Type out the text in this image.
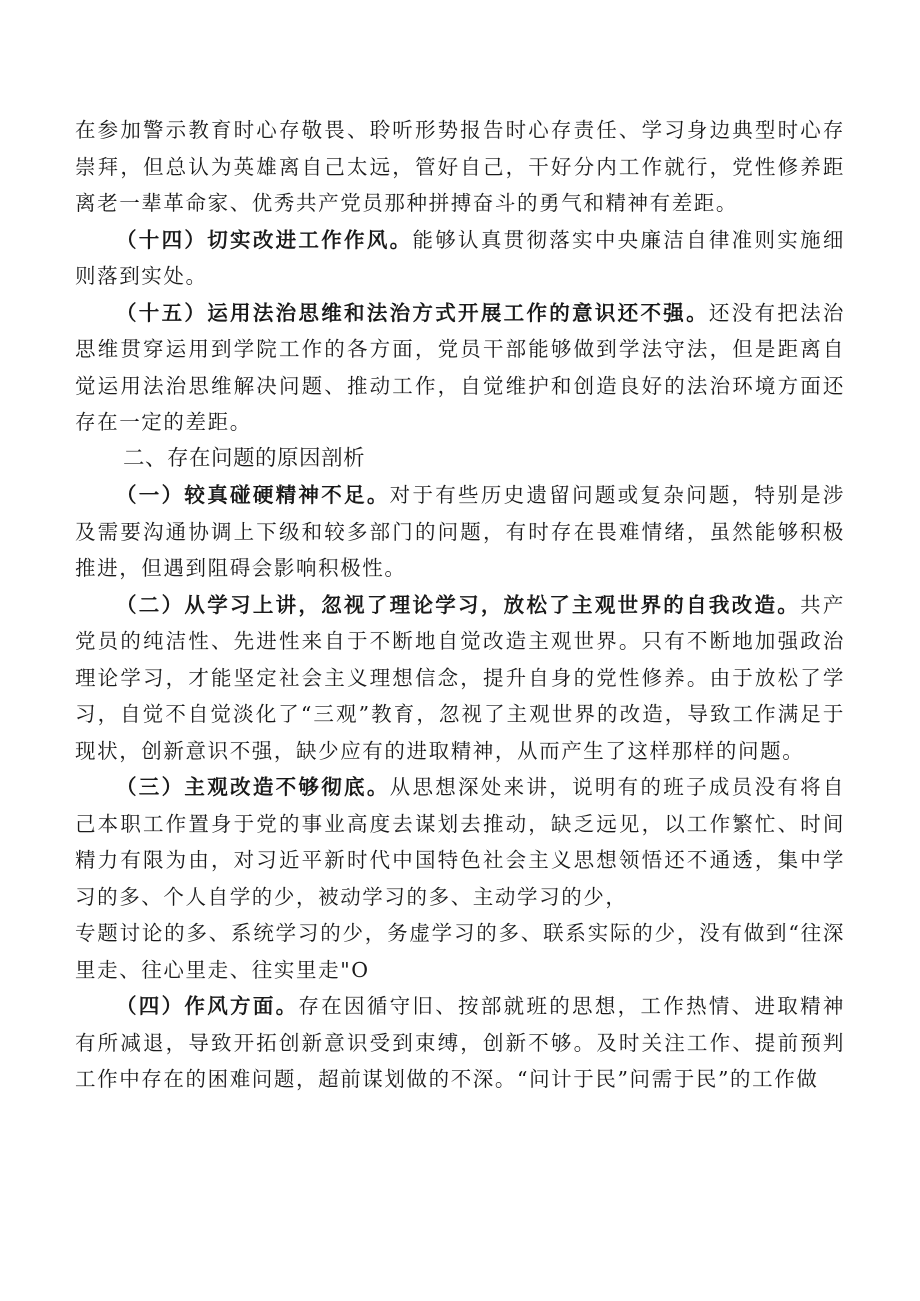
在参加警示教育时心存敬畏、聆听形势报告时心存责任、学习身边典型时心存崇拜，但总认为英雄离自己太远，管好自己，干好分内工作就行，党性修养距离老一辈革命家、优秀共产党员那种拼搏奋斗的勇气和精神有差距。

（十四）切实改进工作作风。能够认真贯彻落实中央廉洁自律准则实施细则落到实处。

（十五）运用法治思维和法治方式开展工作的意识还不强。还没有把法治思维贯穿运用到学院工作的各方面，党员干部能够做到学法守法，但是距离自觉运用法治思维解决问题、推动工作，自觉维护和创造良好的法治环境方面还存在一定的差距。

二、存在问题的原因剖析

（一）较真碰硬精神不足。对于有些历史遗留问题或复杂问题，特别是涉及需要沟通协调上下级和较多部门的问题，有时存在畏难情绪，虽然能够积极推进，但遇到阻碍会影响积极性。

（二）从学习上讲，忽视了理论学习，放松了主观世界的自我改造。共产党员的纯洁性、先进性来自于不断地自觉改造主观世界。只有不断地加强政治理论学习，才能坚定社会主义理想信念，提升自身的党性修养。由于放松了学习，自觉不自觉淡化了“三观”教育，忽视了主观世界的改造，导致工作满足于现状，创新意识不强，缺少应有的进取精神，从而产生了这样那样的问题。

（三）主观改造不够彻底。从思想深处来讲，说明有的班子成员没有将自己本职工作置身于党的事业高度去谋划去推动，缺乏远见，以工作繁忙、时间精力有限为由，对习近平新时代中国特色社会主义思想领悟还不通透，集中学习的多、个人自学的少，被动学习的多、主动学习的少，

专题讨论的多、系统学习的少，务虚学习的多、联系实际的少，没有做到“往深里走、往心里走、往实里走"O

（四）作风方面。存在因循守旧、按部就班的思想，工作热情、进取精神有所减退，导致开拓创新意识受到束缚，创新不够。及时关注工作、提前预判工作中存在的困难问题，超前谋划做的不深。“问计于民”问需于民”的工作做
